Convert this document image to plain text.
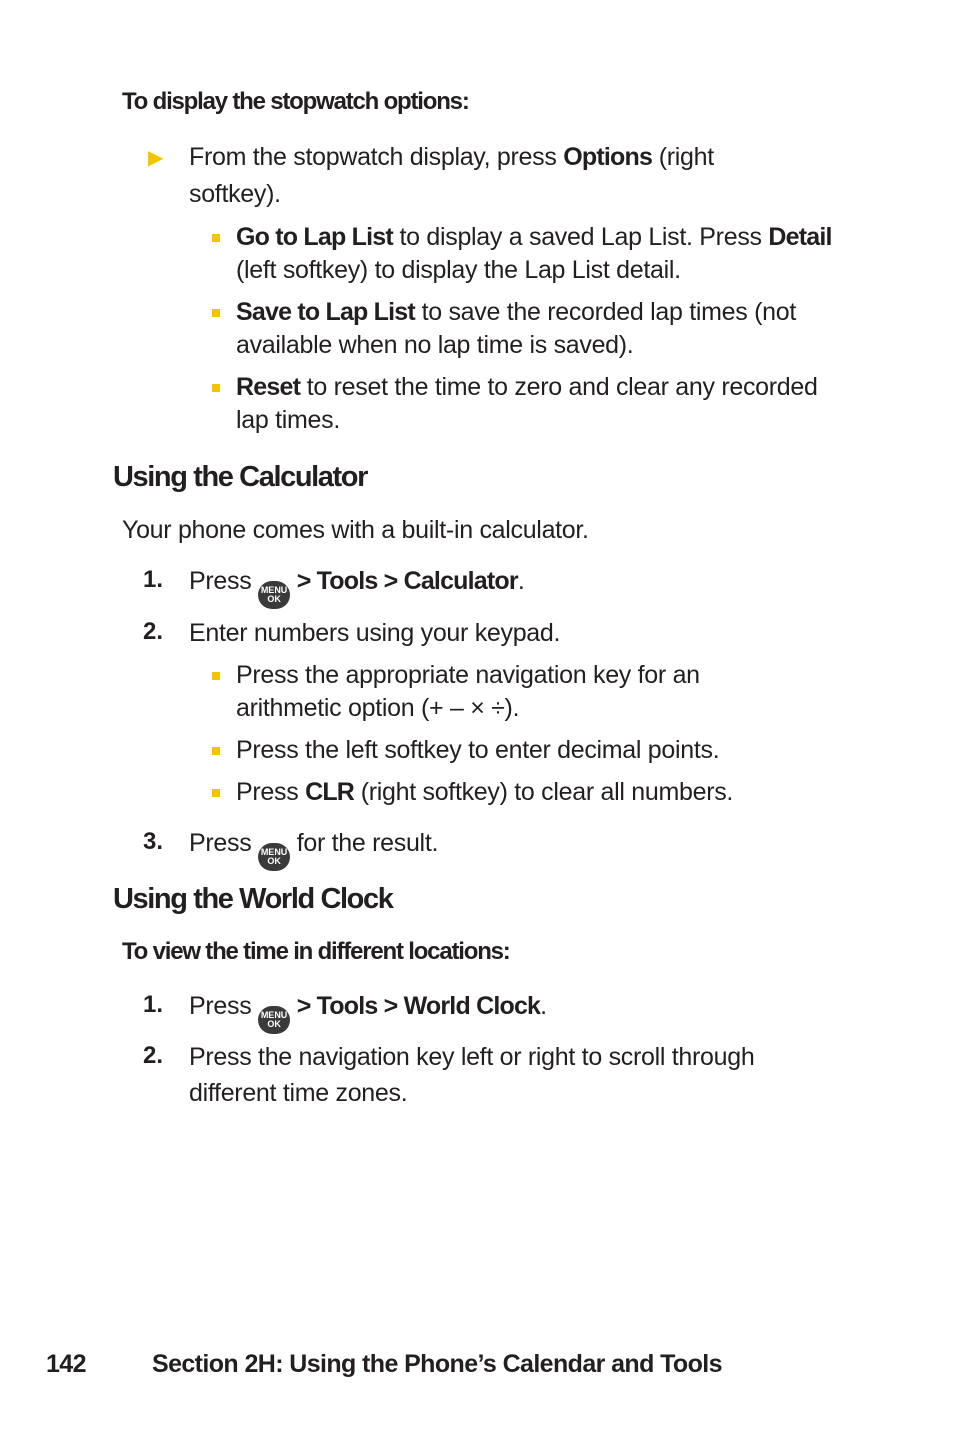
To display the stopwatch options:
▶ From the stopwatch display, press Options (right
softkey).
Go to Lap List to display a saved Lap List. Press Detail
(left softkey) to display the Lap List detail.
Save to Lap List to save the recorded lap times (not
available when no lap time is saved).
Reset to reset the time to zero and clear any recorded
lap times.
Using the Calculator
Your phone comes with a built-in calculator.
1. Press MENU
OK
> Tools > Calculator.
2. Enter numbers using your keypad.
Press the appropriate navigation key for an
arithmetic option (+ – × ÷).
Press the left softkey to enter decimal points.
Press CLR (right softkey) to clear all numbers.
3. Press MENU
OK
for the result.
Using the World Clock
To view the time in different locations:
1. Press MENU
OK
> Tools > World Clock.
2. Press the navigation key left or right to scroll through
different time zones.
142	Section 2H: Using the Phone’s Calendar and Tools
